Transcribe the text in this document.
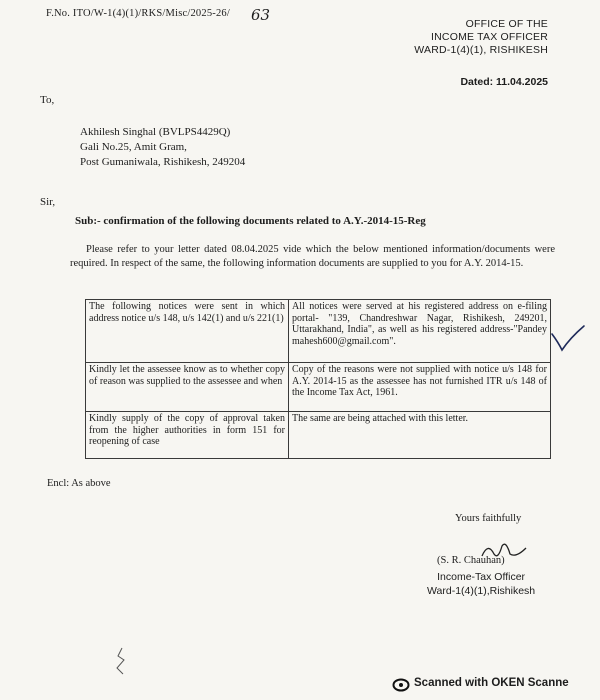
F.No. ITO/W-1(4)(1)/RKS/Misc/2025-26/ 63	OFFICE OF THE
INCOME TAX OFFICER
WARD-1(4)(1), RISHIKESH
Dated: 11.04.2025
To,
Akhilesh Singhal (BVLPS4429Q)
Gali No.25, Amit Gram,
Post Gumaniwala, Rishikesh, 249204
Sir,
Sub:- confirmation of the following documents related to A.Y.-2014-15-Reg
Please refer to your letter dated 08.04.2025 vide which the below mentioned information/documents were required. In respect of the same, the following information documents are supplied to you for A.Y. 2014-15.
The following notices were sent in which address notice u/s 148, u/s 142(1) and u/s 221(1)	All notices were served at his registered address on e-filing portal- "139, Chandreshwar Nagar, Rishikesh, 249201, Uttarakhand, India", as well as his registered address-"Pandey mahesh600@gmail.com".
Kindly let the assessee know as to whether copy of reason was supplied to the assessee and when	Copy of the reasons were not supplied with notice u/s 148 for A.Y. 2014-15 as the assessee has not furnished ITR u/s 148 of the Income Tax Act, 1961.
Kindly supply of the copy of approval taken from the higher authorities in form 151 for reopening of case	The same are being attached with this letter.
Encl: As above
Yours faithfully
(S. R. Chauhan)
Income-Tax Officer
Ward-1(4)(1),Rishikesh
Scanned with OKEN Scanne
